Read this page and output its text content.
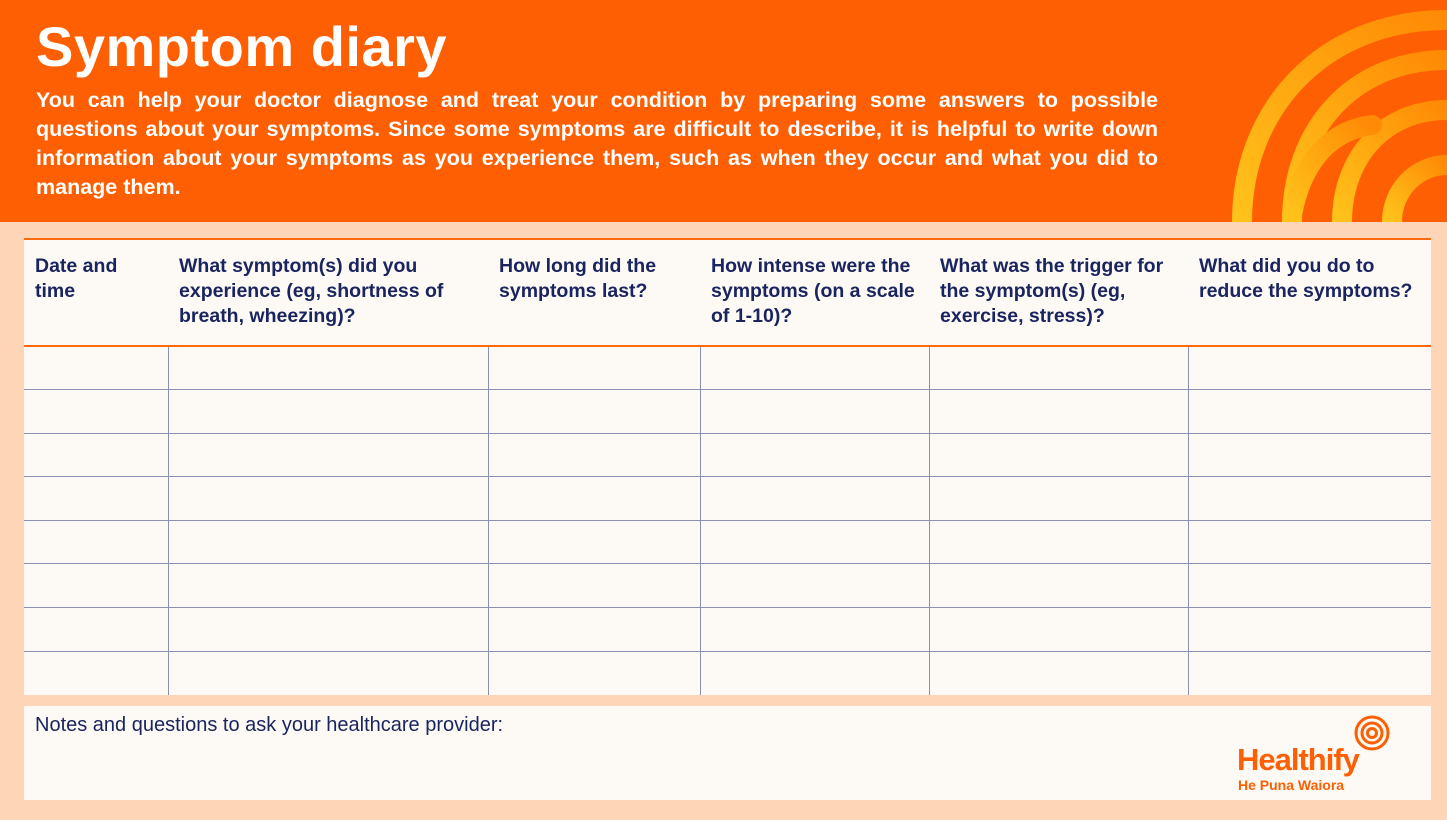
Symptom diary
You can help your doctor diagnose and treat your condition by preparing some answers to possible questions about your symptoms. Since some symptoms are difficult to describe, it is helpful to write down information about your symptoms as you experience them, such as when they occur and what you did to manage them.
Date and time	What symptom(s) did you experience (eg, shortness of breath, wheezing)?	How long did the symptoms last?	How intense were the symptoms (on a scale of 1-10)?	What was the trigger for the symptom(s) (eg, exercise, stress)?	What did you do to reduce the symptoms?

Notes and questions to ask your healthcare provider:
Healthify
He Puna Waiora
